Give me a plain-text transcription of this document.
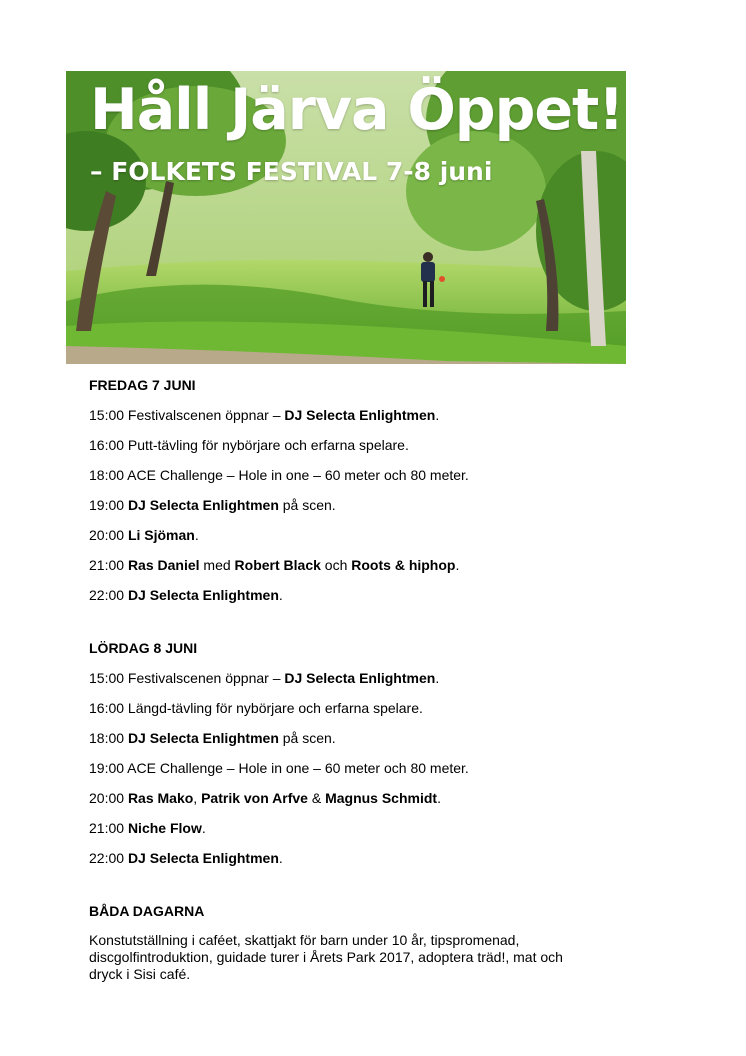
Håll Järva Öppet!
– FOLKETS FESTIVAL 7-8 juni

FREDAG 7 JUNI

15:00 Festivalscenen öppnar – DJ Selecta Enlightmen.

16:00 Putt-tävling för nybörjare och erfarna spelare.

18:00 ACE Challenge – Hole in one – 60 meter och 80 meter.

19:00 DJ Selecta Enlightmen på scen.

20:00 Li Sjöman.

21:00 Ras Daniel med Robert Black och Roots & hiphop.

22:00 DJ Selecta Enlightmen.

LÖRDAG 8 JUNI

15:00 Festivalscenen öppnar – DJ Selecta Enlightmen.

16:00 Längd-tävling för nybörjare och erfarna spelare.

18:00 DJ Selecta Enlightmen på scen.

19:00 ACE Challenge – Hole in one – 60 meter och 80 meter.

20:00 Ras Mako, Patrik von Arfve & Magnus Schmidt.

21:00 Niche Flow.

22:00 DJ Selecta Enlightmen.

BÅDA DAGARNA

Konstutställning i caféet, skattjakt för barn under 10 år, tipspromenad, discgolfintroduktion, guidade turer i Årets Park 2017, adoptera träd!, mat och dryck i Sisi café.
